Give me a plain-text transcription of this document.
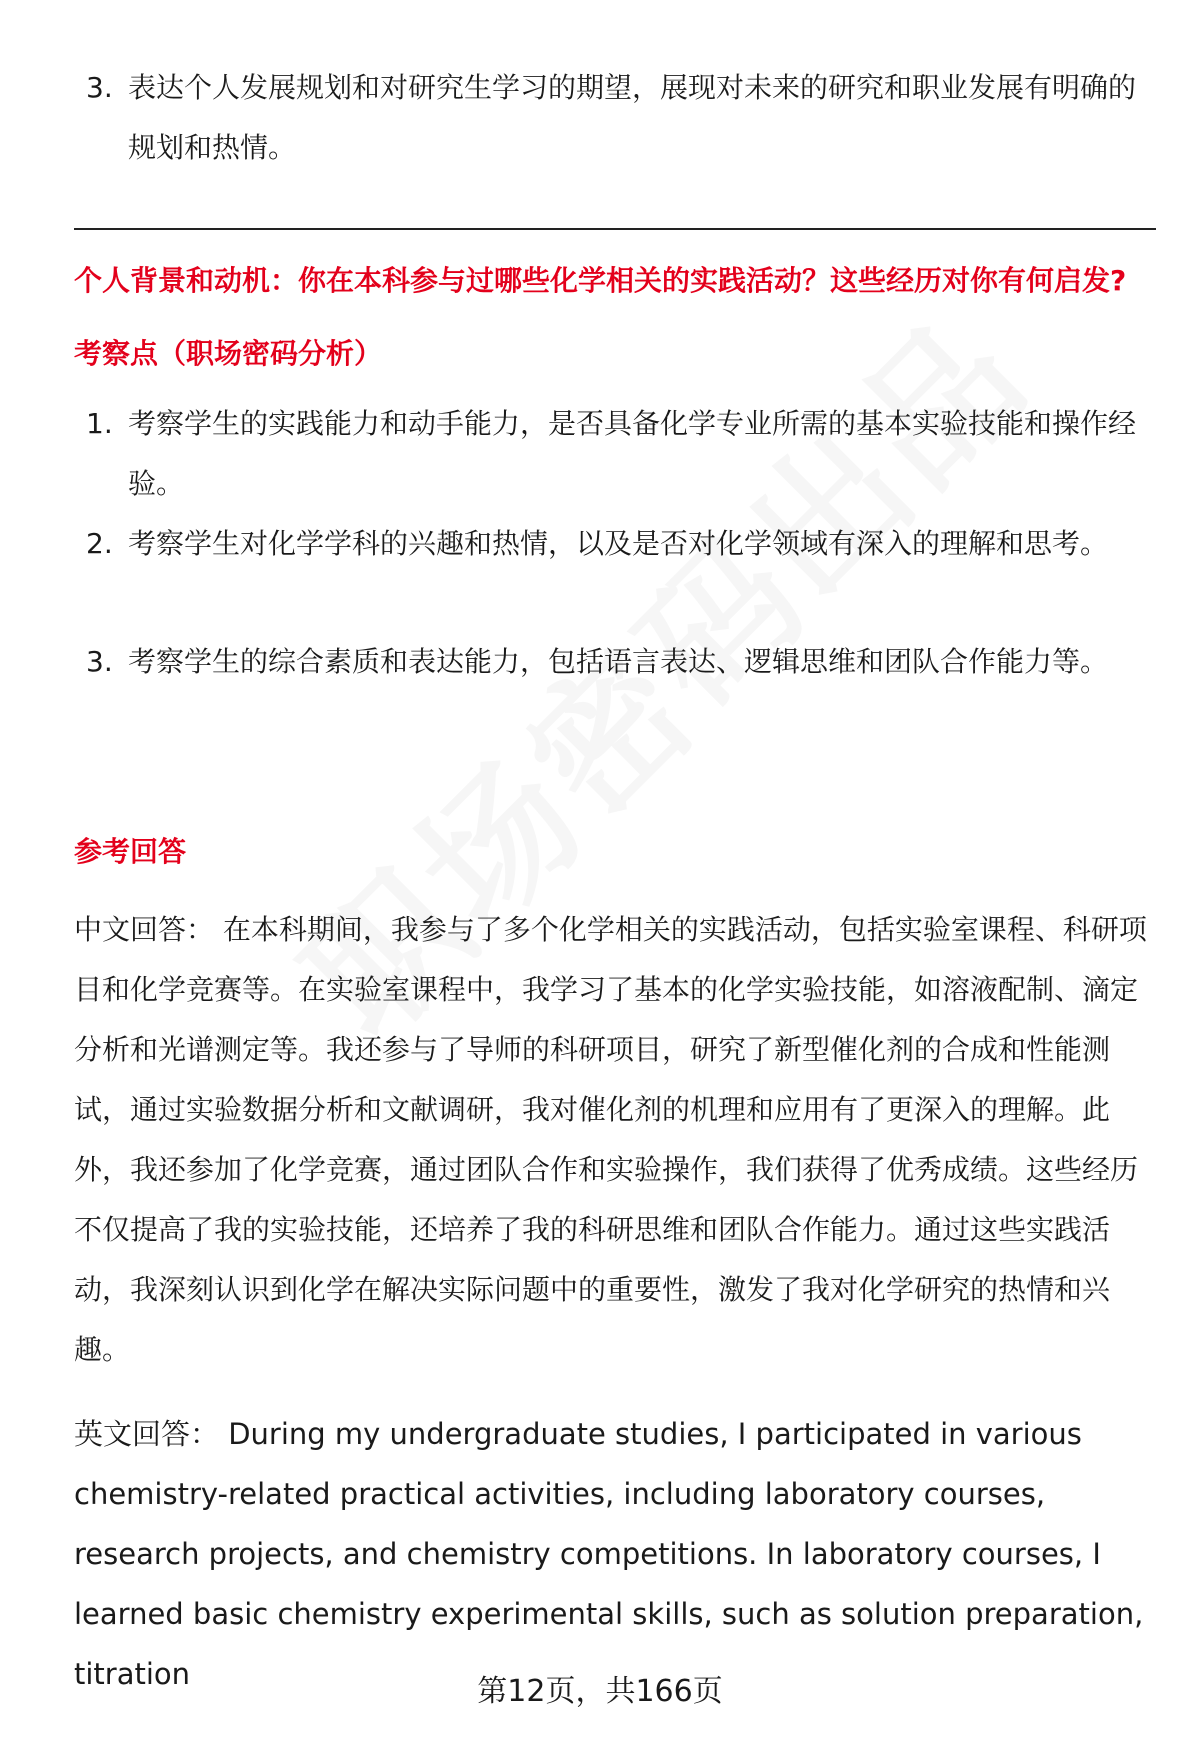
3. 表达个人发展规划和对研究生学习的期望，展现对未来的研究和职业发展有明确的规划和热情。
个人背景和动机：你在本科参与过哪些化学相关的实践活动？这些经历对你有何启发?
考察点（职场密码分析）
1. 考察学生的实践能力和动手能力，是否具备化学专业所需的基本实验技能和操作经验。
2. 考察学生对化学学科的兴趣和热情，以及是否对化学领域有深入的理解和思考。
3. 考察学生的综合素质和表达能力，包括语言表达、逻辑思维和团队合作能力等。
参考回答
中文回答： 在本科期间，我参与了多个化学相关的实践活动，包括实验室课程、科研项目和化学竞赛等。在实验室课程中，我学习了基本的化学实验技能，如溶液配制、滴定分析和光谱测定等。我还参与了导师的科研项目，研究了新型催化剂的合成和性能测试，通过实验数据分析和文献调研，我对催化剂的机理和应用有了更深入的理解。此外，我还参加了化学竞赛，通过团队合作和实验操作，我们获得了优秀成绩。这些经历不仅提高了我的实验技能，还培养了我的科研思维和团队合作能力。通过这些实践活动，我深刻认识到化学在解决实际问题中的重要性，激发了我对化学研究的热情和兴趣。
英文回答： During my undergraduate studies, I participated in various chemistry-related practical activities, including laboratory courses, research projects, and chemistry competitions. In laboratory courses, I learned basic chemistry experimental skills, such as solution preparation, titration	第12页，共166页
